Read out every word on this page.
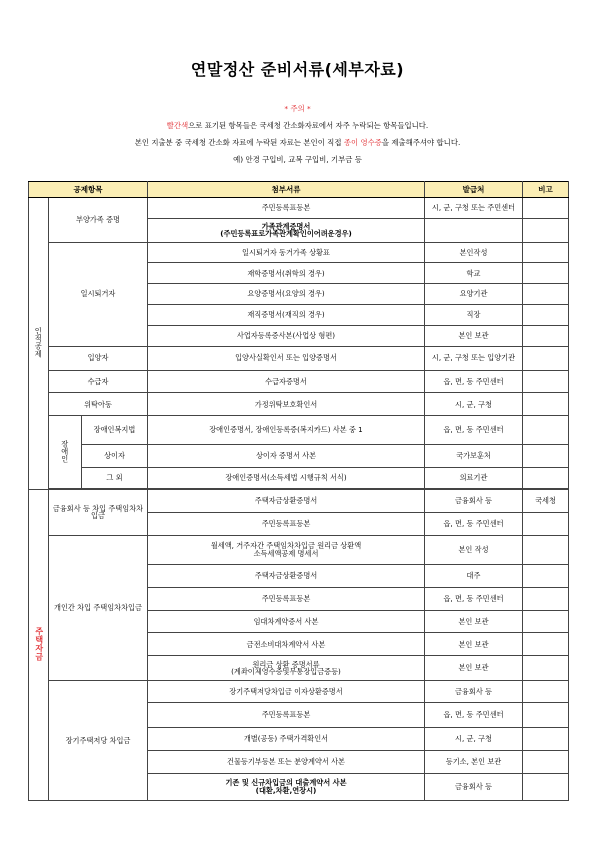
연말정산 준비서류(세부자료)
* 주의 *
빨간색으로 표기된 항목들은 국세청 간소화자료에서 자주 누락되는 항목들입니다.
본인 지출분 중 국세청 간소화 자료에 누락된 자료는 본인이 직접 종이 영수증을 제출해주셔야 합니다.
예) 안경 구입비, 교복 구입비, 기부금 등
공제항목			첨부서류	발급처	비고
인적공제	부양가족 증명		주민등록표등본	시, 군, 구청 또는 주민센터	

			가족관계증명서
(주민등록표로가족관계확인이어려운경우)		

	일시퇴거자		일시퇴거자 동거가족 상황표	본인작성	
			재학증명서(취학의 경우)	학교	
			요양증명서(요양의 경우)	요양기관	
			재직증명서(재직의 경우)	직장	
			사업자등록증사본(사업상 형편)	본인 보관	
	입양자		입양사실확인서 또는 입양증명서	시, 군, 구청 또는 입양기관	
	수급자		수급자증명서	읍, 면, 동 주민센터	
	위탁아동		가정위탁보호확인서	시, 군, 구청	
	장애인	장애인복지법	장애인증명서, 장애인등록증(복지카드) 사본 중 1	읍, 면, 동 주민센터	
		상이자	상이자 증명서 사본	국가보훈처	
		그 외	장애인증명서(소득세법 시행규칙 서식)	의료기관	

주택자금	금융회사 등 차입 주택임차차입금		주택자금상환증명서	금융회사 등	국세청
			주민등록표등본	읍, 면, 동 주민센터	
	개인간 차입 주택임차차입금		월세액, 거주자간 주택임차차입금 원리금 상환액
소득세액공제 명세서	본인 작성	
			주택자금상환증명서	대주	
			주민등록표등본	읍, 면, 동 주민센터	
			임대차계약증서 사본	본인 보관	
			금전소비대차계약서 사본	본인 보관	

			원리금 상환 증명서류
(계좌이체영수증및무통장입금증등)	본인 보관	
	장기주택저당 차입금		장기주택저당차입금 이자상환증명서	금융회사 등	
			주민등록표등본	읍, 면, 동 주민센터	
			개별(공동) 주택가격확인서	시, 군, 구청	
			건물등기부등본 또는 분양계약서 사본	등기소, 본인 보관	

			기존 및 신규차입금의 대출계약서 사본
(대환,차환,연장시)	금융회사 등	
